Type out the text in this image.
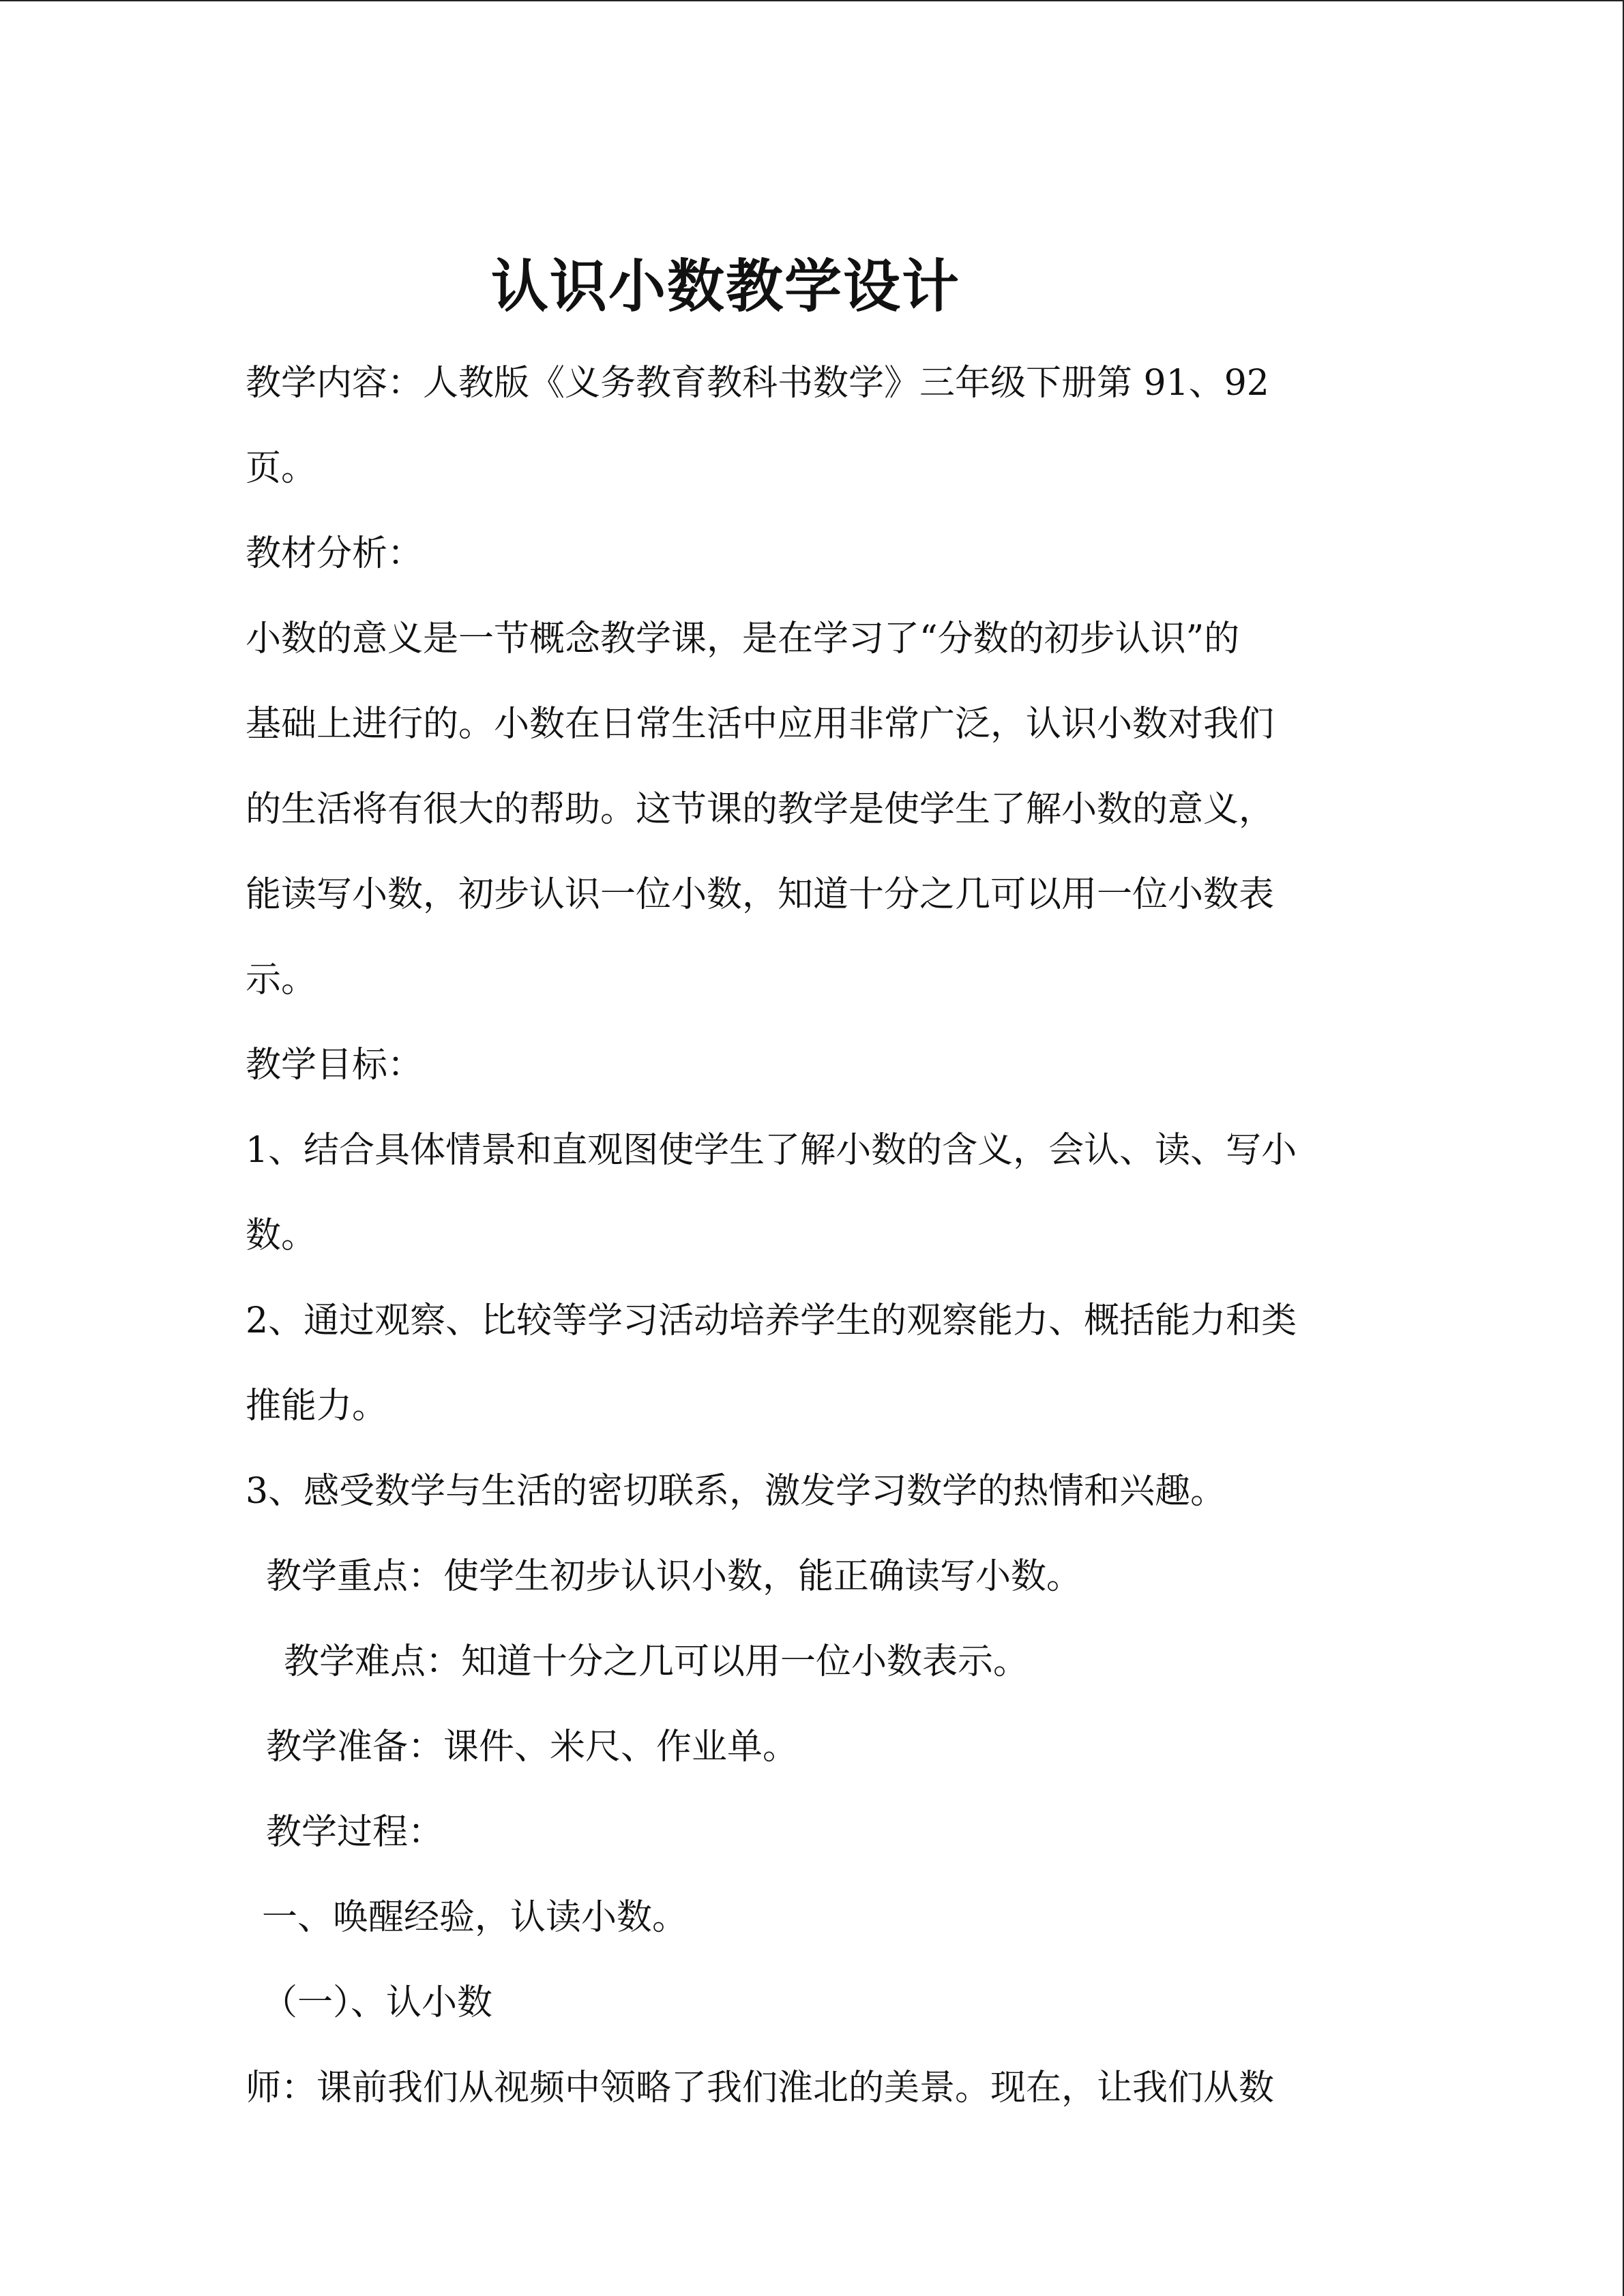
认识小数教学设计
教学内容：人教版《义务教育教科书数学》三年级下册第 91、92
页。
教材分析：
小数的意义是一节概念教学课，是在学习了“分数的初步认识”的
基础上进行的。小数在日常生活中应用非常广泛，认识小数对我们
的生活将有很大的帮助。这节课的教学是使学生了解小数的意义，
能读写小数，初步认识一位小数，知道十分之几可以用一位小数表
示。
教学目标：
1、结合具体情景和直观图使学生了解小数的含义，会认、读、写小
数。
2、通过观察、比较等学习活动培养学生的观察能力、概括能力和类
推能力。
3、感受数学与生活的密切联系，激发学习数学的热情和兴趣。
教学重点：使学生初步认识小数，能正确读写小数。
教学难点：知道十分之几可以用一位小数表示。
教学准备：课件、米尺、作业单。
教学过程：
一、唤醒经验，认读小数。
（一）、认小数
师：课前我们从视频中领略了我们淮北的美景。现在，让我们从数
